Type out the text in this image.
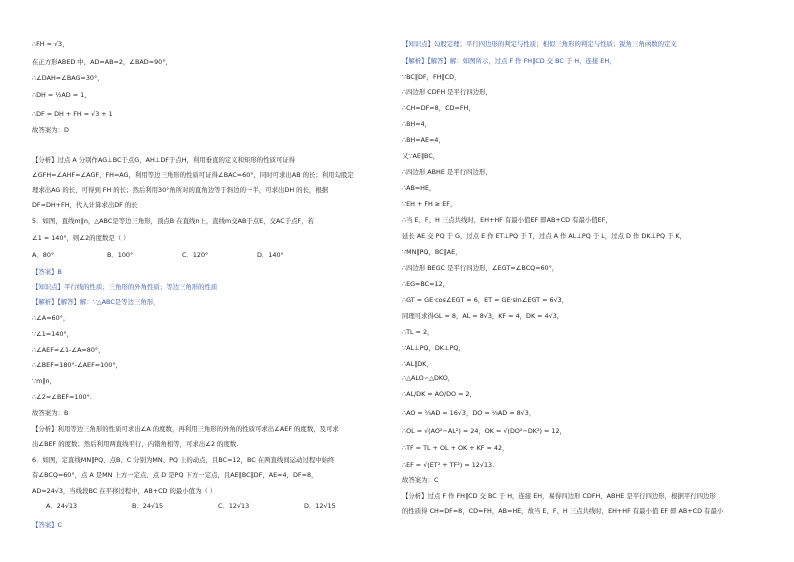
∴FH = √3，
在正方形ABED 中，AD=AB=2，∠BAD=90°，
∴∠DAH=∠BAG=30°，
∴DH = ½AD = 1，
∴DF = DH + FH = √3 + 1
故答案为：D
【分析】过点 A 分别作AG⊥BC于点G，AH⊥DF于点H，利用垂直的定义和矩形的性质可证得
∠GFH=∠AHF=∠AGF，FH=AG，利用等边三角形的性质可证得∠BAC=60°，同时可求出AB 的长；利用勾股定
理求出AG 的长，可得到 FH 的长；然后利用30°角所对的直角边等于斜边的一半，可求出DH 的长，根据
DF=DH+FH，代入计算求出DF 的长
5．如图，直线m∥n，△ABC是等边三角形，顶点B 在直线n上，直线m交AB于点E，交AC于点F，若
∠1 = 140°，则∠2的度数是（ ）
【答案】B
【知识点】平行线的性质；三角形的外角性质；等边三角形的性质
【解析】【解答】解：∵△ABC是等边三角形，
∴∠A=60°，
∵∠1=140°，
∴∠AEF=∠1-∠A=80°，
∴∠BEF=180°-∠AEF=100°，
∵m∥n，
∴∠2=∠BEF=100°.
故答案为：B
【分析】利用等边三角形的性质可求出∠A 的度数，再利用三角形的外角的性质可求出∠AEF 的度数，及可求
出∠BEF 的度数；然后利用两直线平行，内错角相等，可求出∠2 的度数.
6．如图，定直线MN∥PQ，点B、C 分别为MN、PQ 上的动点，且BC=12，BC 在两直线间运动过程中始终
有∠BCQ=60°，点 A 是MN 上方一定点，点 D 是PQ 下方一定点，且AE∥BC∥DF，AE=4，DF=8，
AD=24√3，当线段BC 在平移过程中，AB+CD 的最小值为（ ）
【答案】C
【知识点】勾股定理；平行四边形的判定与性质；相似三角形的判定与性质；锐角三角函数的定义
【解析】【解答】解：如图所示，过点 F 作 FH∥CD 交 BC 于 H，连接 EH，
∵BC∥DF，FH∥CD，
∴四边形 CDFH 是平行四边形，
∴CH=DF=8，CD=FH，
∴BH=4，
∴BH=AE=4，
又∵AE∥BC，
∴四边形 ABHE 是平行四边形，
∴AB=HE，
∵EH + FH ≥ EF，
∴当 E、F、H 三点共线时，EH+HF 有最小值EF 即AB+CD 有最小值EF，
延长 AE 交 PQ 于 G，过点 E 作 ET⊥PQ 于 T，过点 A 作 AL⊥PQ 于 L，过点 D 作 DK⊥PQ 于 K，
∵MN∥PQ，BC∥AE，
∴四边形 BEGC 是平行四边形，∠EGT=∠BCQ=60°，
∴EG=BC=12，
∴GT = GE·cos∠EGT = 6，ET = GE·sin∠EGT = 6√3，
同理可求得GL = 8，AL = 8√3，KF = 4，DK = 4√3，
∴TL = 2，
∵AL⊥PQ，DK⊥PQ，
∴AL∥DK，
∴△ALO∽△DKO，
∴AL/DK = AO/DO = 2，
∴AO = ⅔AD = 16√3，DO = ⅓AD = 8√3，
∴OL = √(AO²−AL²) = 24，OK = √(DO²−DK²) = 12，
∴TF = TL + OL + OK + KF = 42，
∴EF = √(ET² + TF²) = 12√13.
故答案为：C
【分析】过点 F 作 FH∥CD 交 BC 于 H，连接 EH，易得四边形 CDFH、ABHE 是平行四边形，根据平行四边形
的性质得 CH=DF=8，CD=FH，AB=HE，故当 E、F、H 三点共线时，EH+HF 有最小值 EF 即 AB+CD 有最小
A．80°	B．100°	C．120°	D．140°
A．24√13	B．24√15	C．12√13	D．12√15
